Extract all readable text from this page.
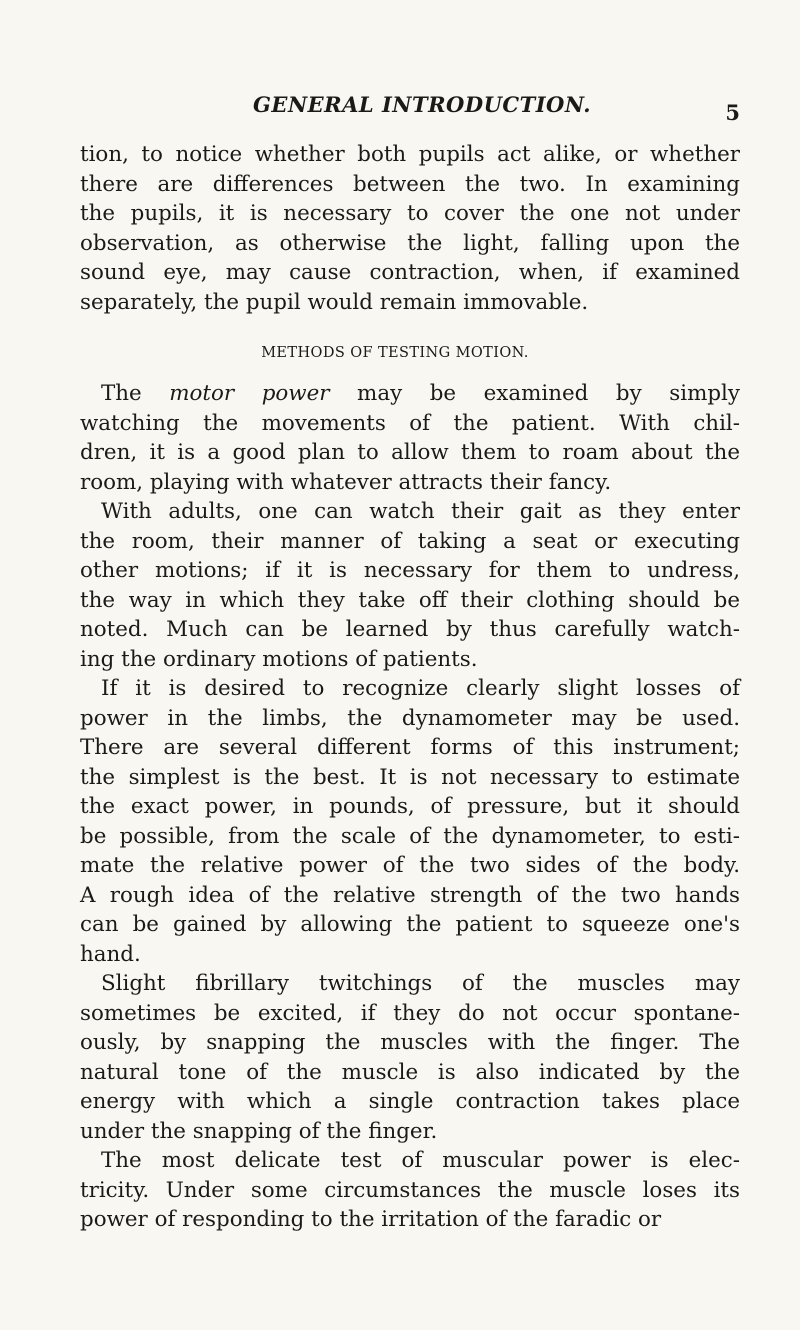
GENERAL INTRODUCTION.	5
tion, to notice whether both pupils act alike, or whether
there are differences between the two. In examining
the pupils, it is necessary to cover the one not under
observation, as otherwise the light, falling upon the
sound eye, may cause contraction, when, if examined
separately, the pupil would remain immovable.
METHODS OF TESTING MOTION.
The motor power may be examined by simply
watching the movements of the patient. With chil-
dren, it is a good plan to allow them to roam about the
room, playing with whatever attracts their fancy.
With adults, one can watch their gait as they enter
the room, their manner of taking a seat or executing
other motions; if it is necessary for them to undress,
the way in which they take off their clothing should be
noted. Much can be learned by thus carefully watch-
ing the ordinary motions of patients.
If it is desired to recognize clearly slight losses of
power in the limbs, the dynamometer may be used.
There are several different forms of this instrument;
the simplest is the best. It is not necessary to estimate
the exact power, in pounds, of pressure, but it should
be possible, from the scale of the dynamometer, to esti-
mate the relative power of the two sides of the body.
A rough idea of the relative strength of the two hands
can be gained by allowing the patient to squeeze one's
hand.
Slight fibrillary twitchings of the muscles may
sometimes be excited, if they do not occur spontane-
ously, by snapping the muscles with the finger. The
natural tone of the muscle is also indicated by the
energy with which a single contraction takes place
under the snapping of the finger.
The most delicate test of muscular power is elec-
tricity. Under some circumstances the muscle loses its
power of responding to the irritation of the faradic or
